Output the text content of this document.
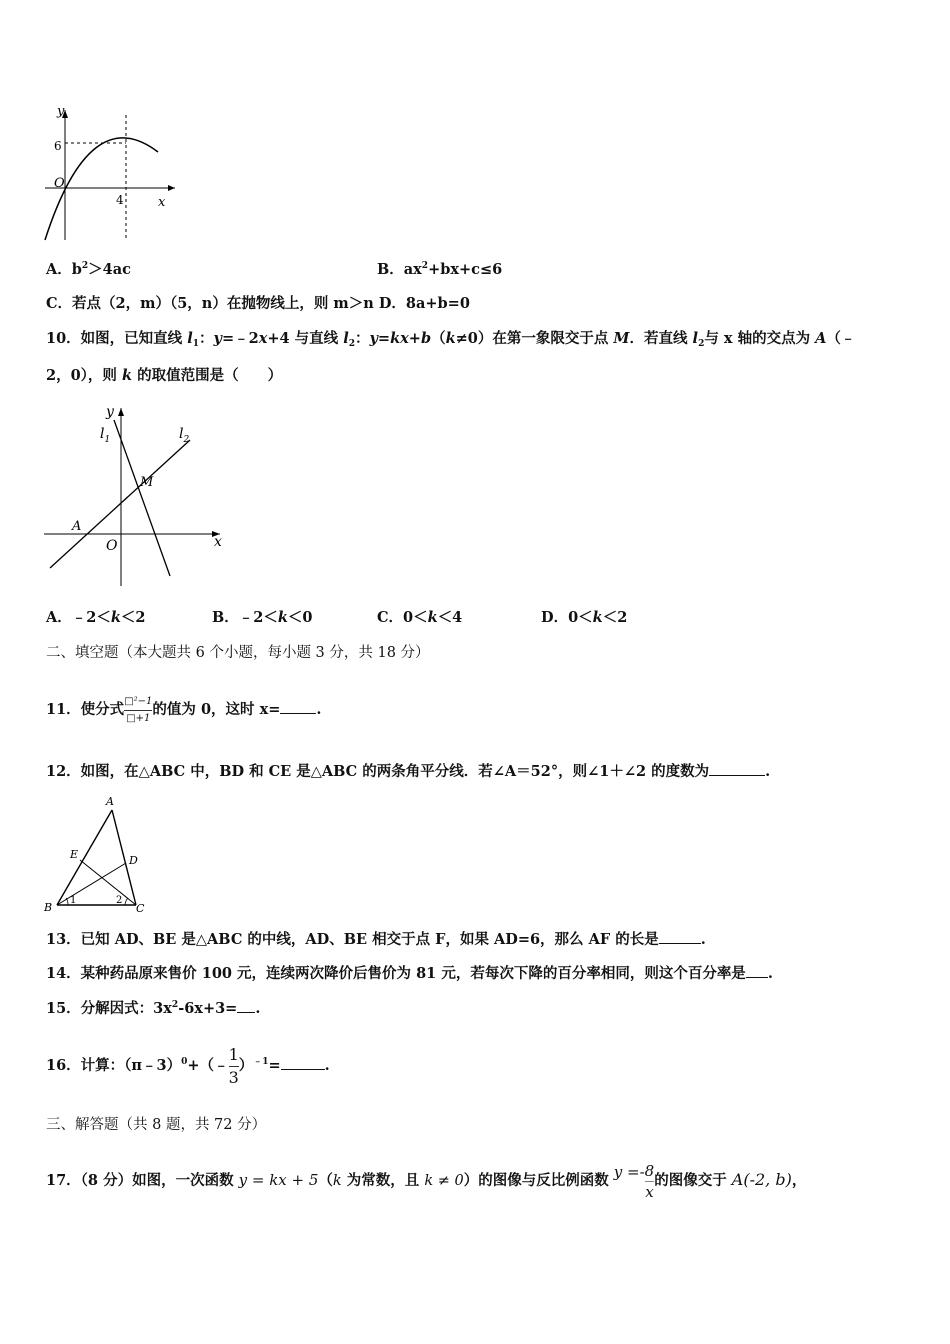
y
x
O
6
4
A．$b^2>4ac$	B．$ax^2+bx+c\le 6$
C．若点（2，m）（5，n）在抛物线上，则 m＞n D．8a+b=0
10．如图，已知直线 $l_1$：y=﹣2x+4 与直线 $l_2$：y=kx+b（k≠0）在第一象限交于点 M．若直线 $l_2$与 x 轴的交点为 A（﹣
2，0），则 k 的取值范围是（　　）
y
x
O
$l_1$	$l_2$
M
A
A．﹣2＜k＜2	B．﹣2＜k＜0	C．0＜k＜4	D．0＜k＜2
二、填空题（本大题共 6 个小题，每小题 3 分，共 18 分）
11．使分式 $\frac{\text{□²−1}}{□+1}$ 的值为 0，这时 x= .
12．如图，在△ABC 中，BD 和 CE 是△ABC 的两条角平分线．若∠A＝52°，则∠1＋∠2 的度数为	.
A
B	C
D
E
1	2
13．已知 AD、BE 是△ABC 的中线，AD、BE 相交于点 F，如果 AD=6，那么 AF 的长是	.
14．某种药品原来售价 100 元，连续两次降价后售价为 81 元，若每次下降的百分率相同，则这个百分率是 .
15．分解因式：$3x^2-6x+3=$ .
16．计算：（π﹣3）$^0$+（﹣ $\frac{1}{3} )^{﹣1}=$	.
三、解答题（共 8 题，共 72 分）
17．（8 分）如图，一次函数 y = kx + 5（k 为常数，且 k ≠ 0）的图像与反比例函数 $y =- \frac{8}{x}$ 的图像交于 A(-2, b)，
